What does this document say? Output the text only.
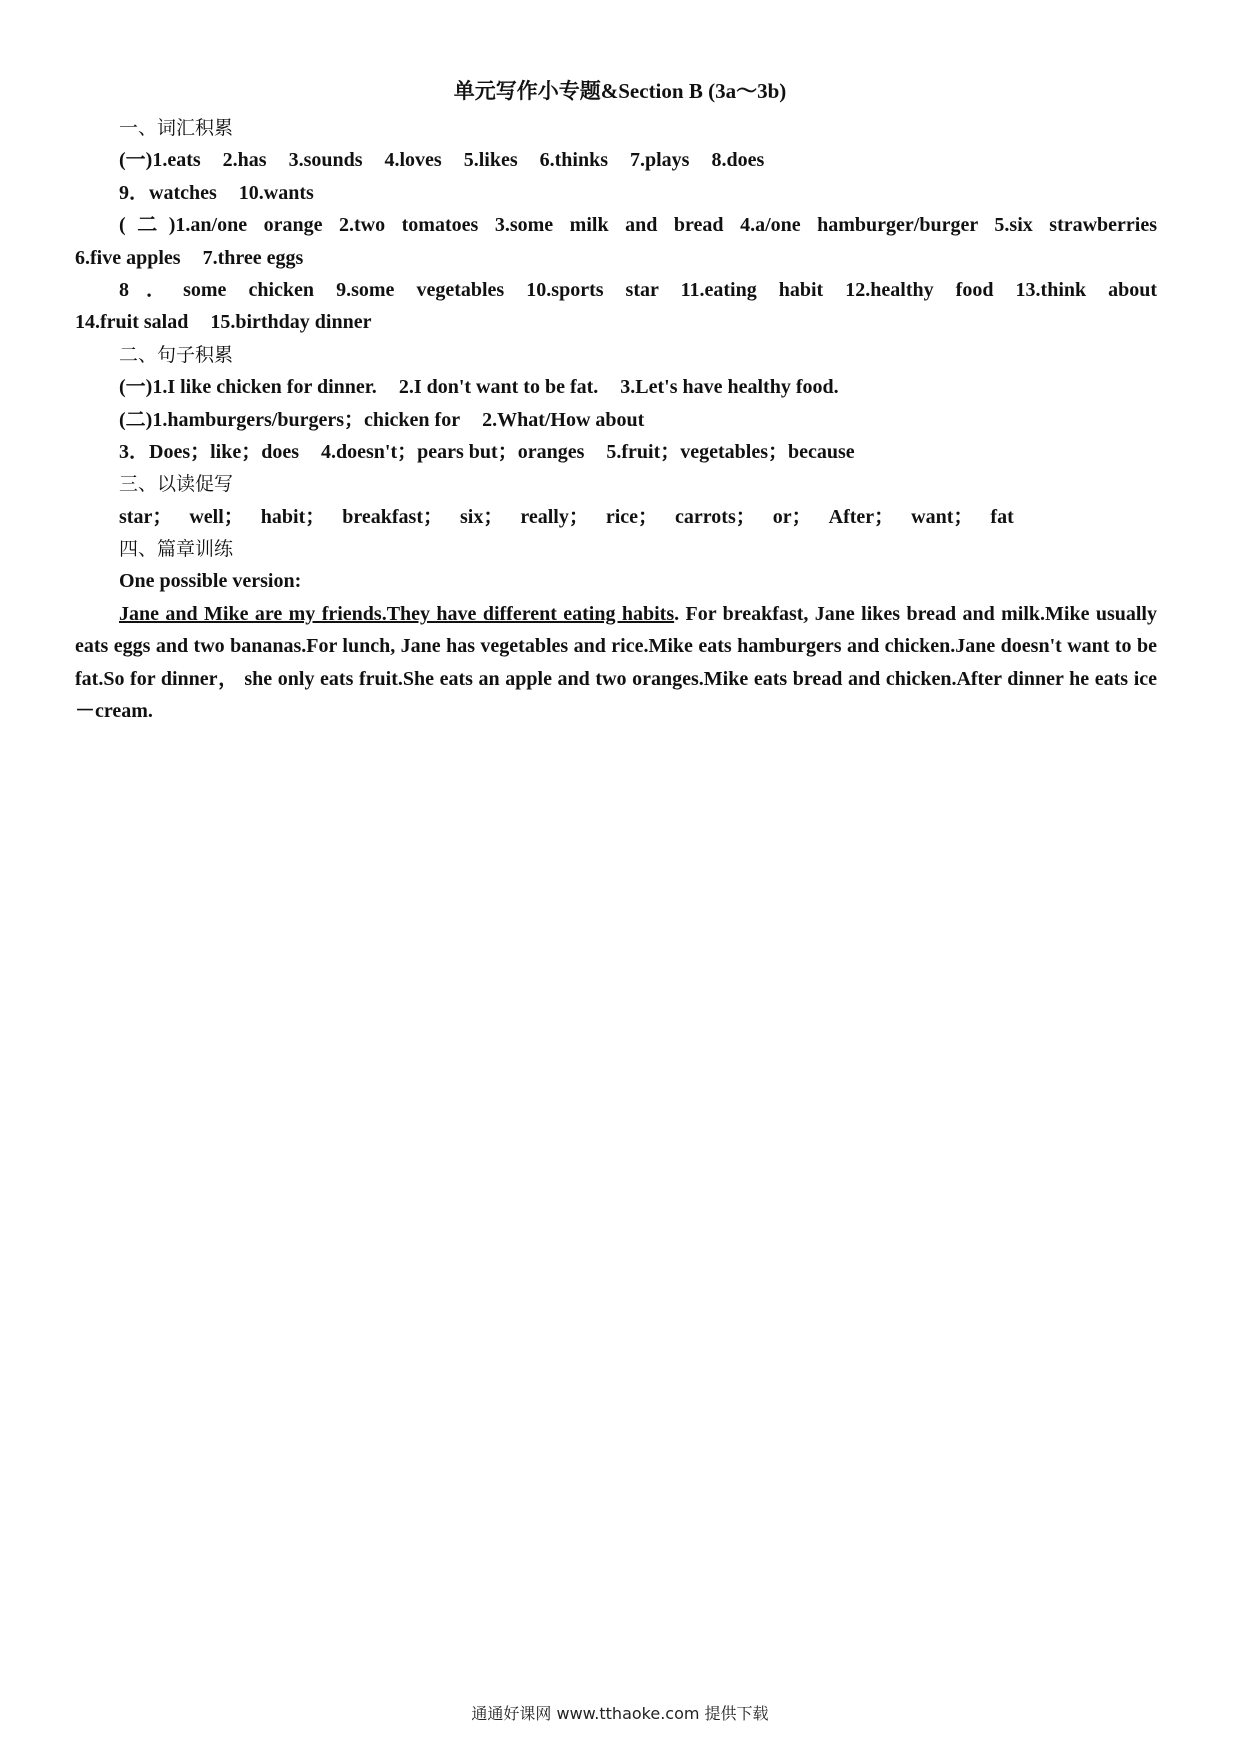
单元写作小专题&Section B (3a～3b)
一、词汇积累
(一)1.eats 2.has 3.sounds 4.loves 5.likes 6.thinks 7.plays 8.does
9．watches 10.wants
(二)1.an/one orange 2.two tomatoes 3.some milk and bread 4.a/one hamburger/burger 5.six strawberries
6.five apples 7.three eggs
8．some chicken 9.some vegetables 10.sports star 11.eating habit 12.healthy food 13.think about
14.fruit salad 15.birthday dinner
二、句子积累
(一)1.I like chicken for dinner. 2.I don't want to be fat. 3.Let's have healthy food.
(二)1.hamburgers/burgers；chicken for 2.What/How about
3．Does；like；does 4.doesn't；pears but；oranges 5.fruit；vegetables；because
三、以读促写
star； well； habit； breakfast； six； really； rice； carrots； or； After； want； fat
四、篇章训练
One possible version:
Jane and Mike are my friends.They have different eating habits. For breakfast, Jane likes bread and milk.Mike usually eats eggs and two bananas.For lunch, Jane has vegetables and rice.Mike eats hamburgers and chicken.Jane doesn't want to be fat.So for dinner， she only eats fruit.She eats an apple and two oranges.Mike eats bread and chicken.After dinner he eats ice－cream.
通通好课网 www.tthaoke.com 提供下载
